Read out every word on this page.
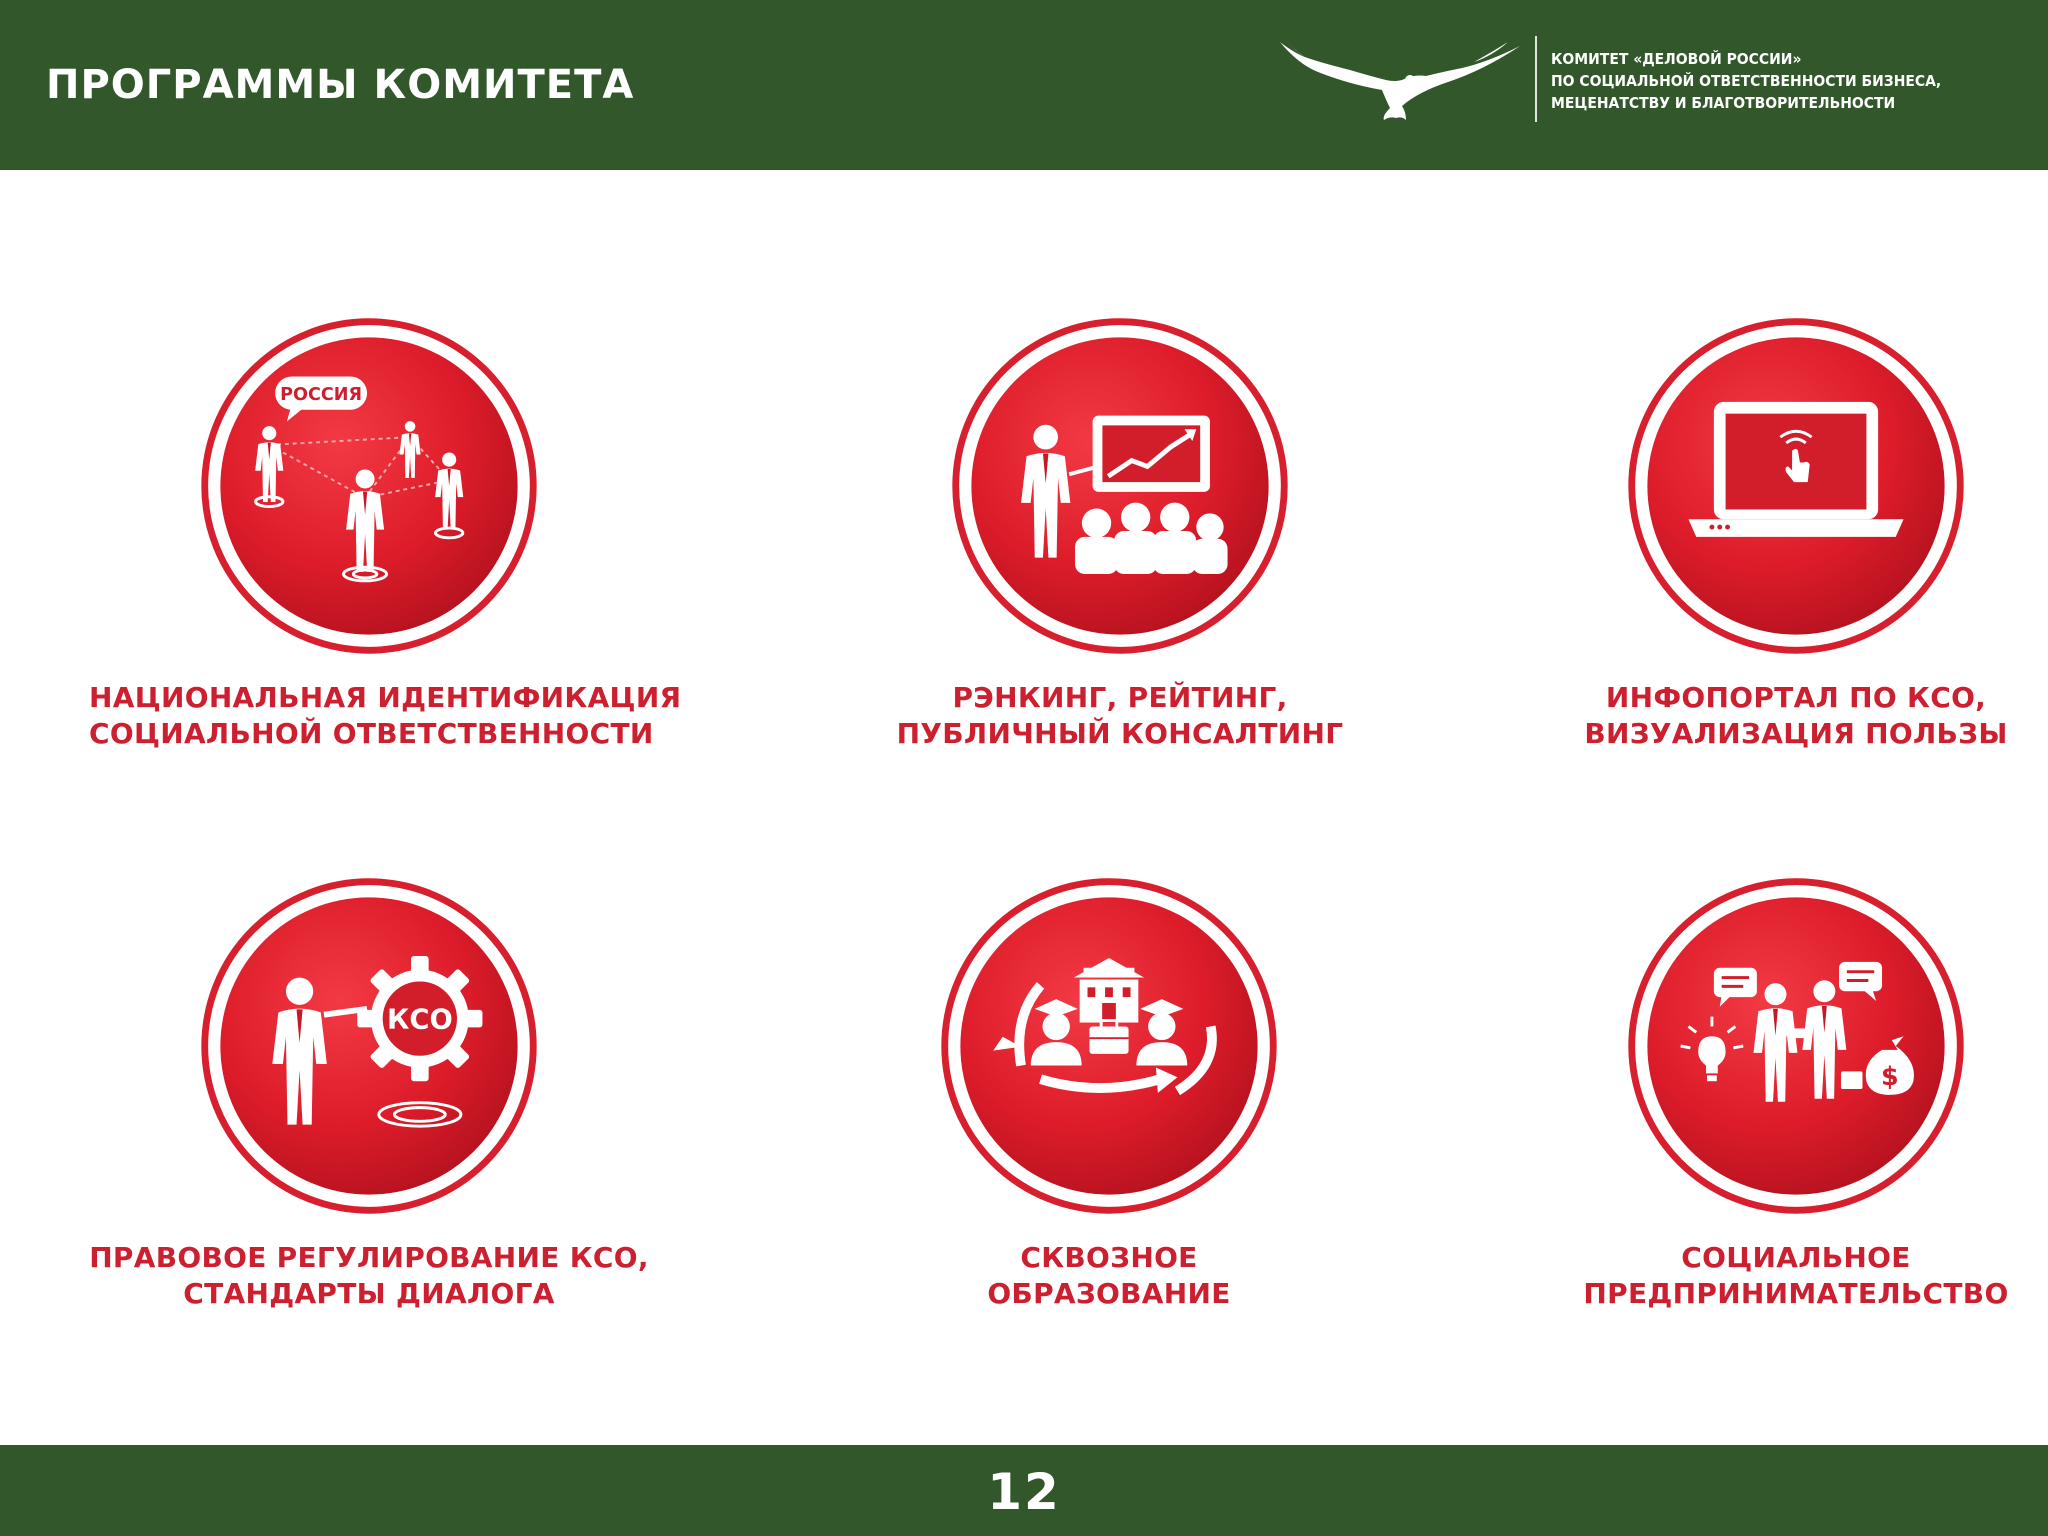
ПРОГРАММЫ КОМИТЕТА
КОМИТЕТ «ДЕЛОВОЙ РОССИИ»
ПО СОЦИАЛЬНОЙ ОТВЕТСТВЕННОСТИ БИЗНЕСА,
МЕЦЕНАТСТВУ И БЛАГОТВОРИТЕЛЬНОСТИ
РОССИЯ
НАЦИОНАЛЬНАЯ ИДЕНТИФИКАЦИЯ
СОЦИАЛЬНОЙ ОТВЕТСТВЕННОСТИ
РЭНКИНГ, РЕЙТИНГ,
ПУБЛИЧНЫЙ КОНСАЛТИНГ
ИНФОПОРТАЛ ПО КСО,
ВИЗУАЛИЗАЦИЯ ПОЛЬЗЫ
КСО
ПРАВОВОЕ РЕГУЛИРОВАНИЕ КСО,
СТАНДАРТЫ ДИАЛОГА
СКВОЗНОЕ
ОБРАЗОВАНИЕ
$
СОЦИАЛЬНОЕ
ПРЕДПРИНИМАТЕЛЬСТВО
12
